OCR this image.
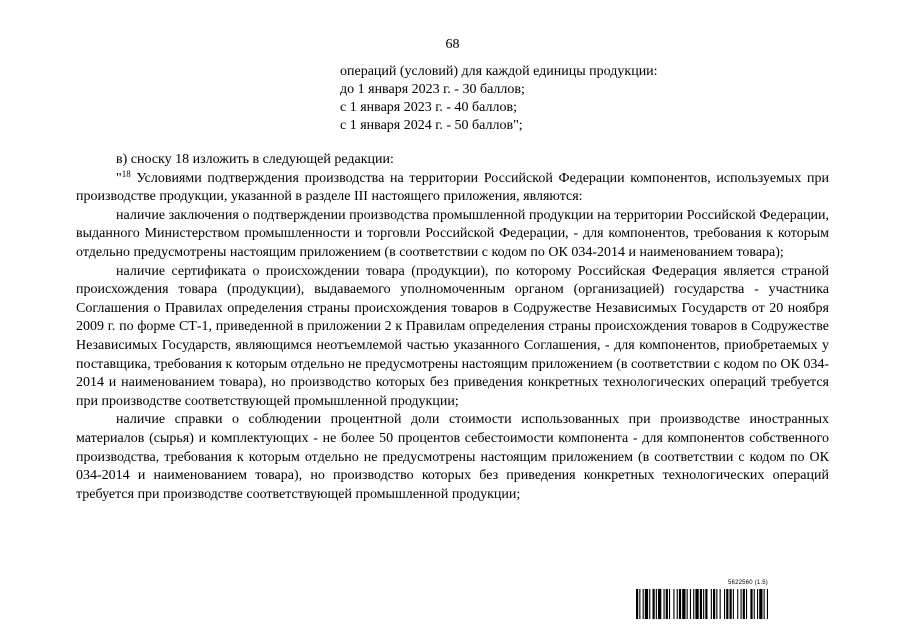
68
операций (условий) для каждой единицы продукции:
до 1 января 2023 г. - 30 баллов;
с 1 января 2023 г. - 40 баллов;
с 1 января 2024 г. - 50 баллов";

в) сноску 18 изложить в следующей редакции:

"$^{18}$ Условиями подтверждения производства на территории Российской Федерации компонентов, используемых при производстве продукции, указанной в разделе III настоящего приложения, являются:

наличие заключения о подтверждении производства промышленной продукции на территории Российской Федерации, выданного Министерством промышленности и торговли Российской Федерации, - для компонентов, требования к которым отдельно предусмотрены настоящим приложением (в соответствии с кодом по ОК 034-2014 и наименованием товара);

наличие сертификата о происхождении товара (продукции), по которому Российская Федерация является страной происхождения товара (продукции), выдаваемого уполномоченным органом (организацией) государства - участника Соглашения о Правилах определения страны происхождения товаров в Содружестве Независимых Государств от 20 ноября 2009 г. по форме СТ-1, приведенной в приложении 2 к Правилам определения страны происхождения товаров в Содружестве Независимых Государств, являющимся неотъемлемой частью указанного Соглашения, - для компонентов, приобретаемых у поставщика, требования к которым отдельно не предусмотрены настоящим приложением (в соответствии с кодом по ОК 034-2014 и наименованием товара), но производство которых без приведения конкретных технологических операций требуется при производстве соответствующей промышленной продукции;

наличие справки о соблюдении процентной доли стоимости использованных при производстве иностранных материалов (сырья) и комплектующих - не более 50 процентов себестоимости компонента - для компонентов собственного производства, требования к которым отдельно не предусмотрены настоящим приложением (в соответствии с кодом по ОК 034-2014 и наименованием товара), но производство которых без приведения конкретных технологических операций требуется при производстве соответствующей промышленной продукции;

5622560 (1.5)
